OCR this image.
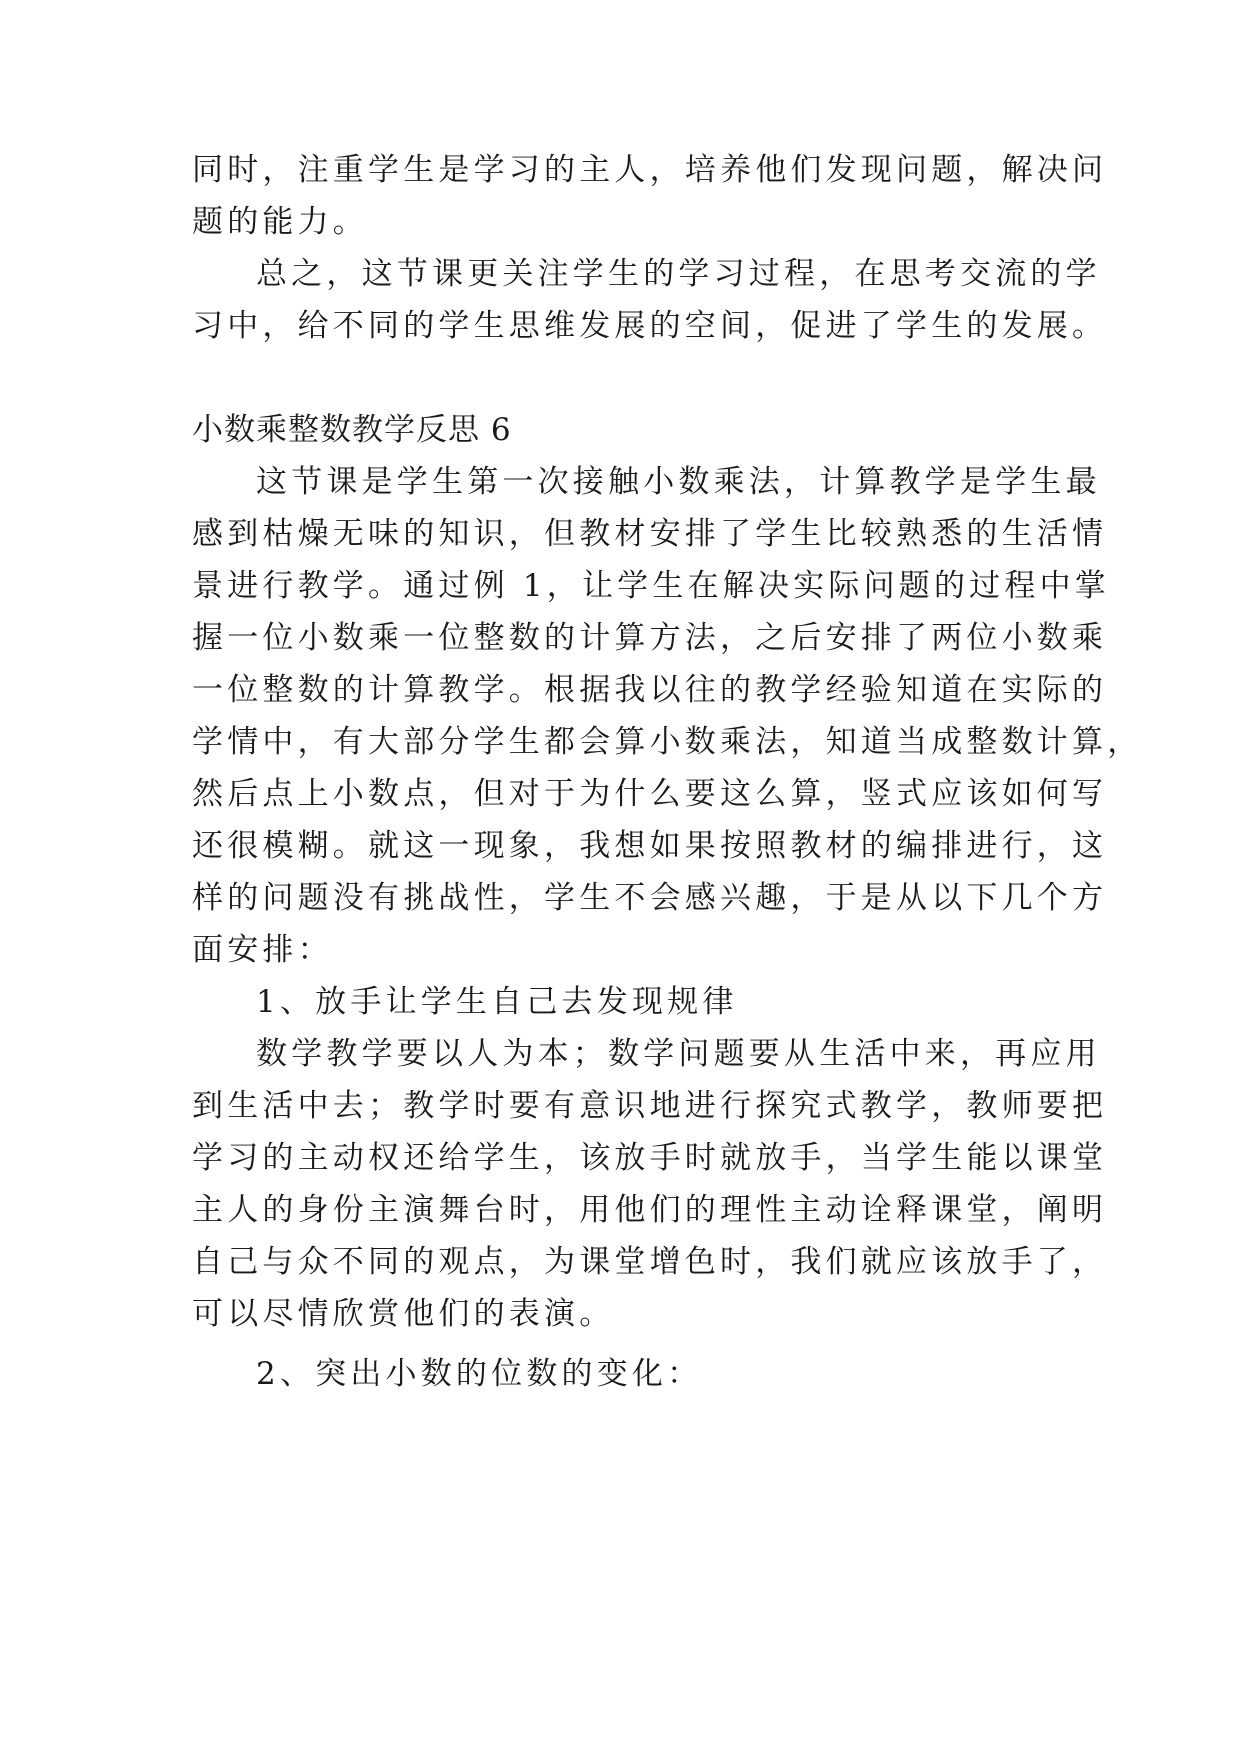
同时，注重学生是学习的主人，培养他们发现问题，解决问
题的能力。
总之，这节课更关注学生的学习过程，在思考交流的学
习中，给不同的学生思维发展的空间，促进了学生的发展。
小数乘整数教学反思 6
这节课是学生第一次接触小数乘法，计算教学是学生最
感到枯燥无味的知识，但教材安排了学生比较熟悉的生活情
景进行教学。通过例 1，让学生在解决实际问题的过程中掌
握一位小数乘一位整数的计算方法，之后安排了两位小数乘
一位整数的计算教学。根据我以往的教学经验知道在实际的
学情中，有大部分学生都会算小数乘法，知道当成整数计算，
然后点上小数点，但对于为什么要这么算，竖式应该如何写
还很模糊。就这一现象，我想如果按照教材的编排进行，这
样的问题没有挑战性，学生不会感兴趣，于是从以下几个方
面安排：
1、放手让学生自己去发现规律
数学教学要以人为本；数学问题要从生活中来，再应用
到生活中去；教学时要有意识地进行探究式教学，教师要把
学习的主动权还给学生，该放手时就放手，当学生能以课堂
主人的身份主演舞台时，用他们的理性主动诠释课堂，阐明
自己与众不同的观点，为课堂增色时，我们就应该放手了，
可以尽情欣赏他们的表演。
2、突出小数的位数的变化：
